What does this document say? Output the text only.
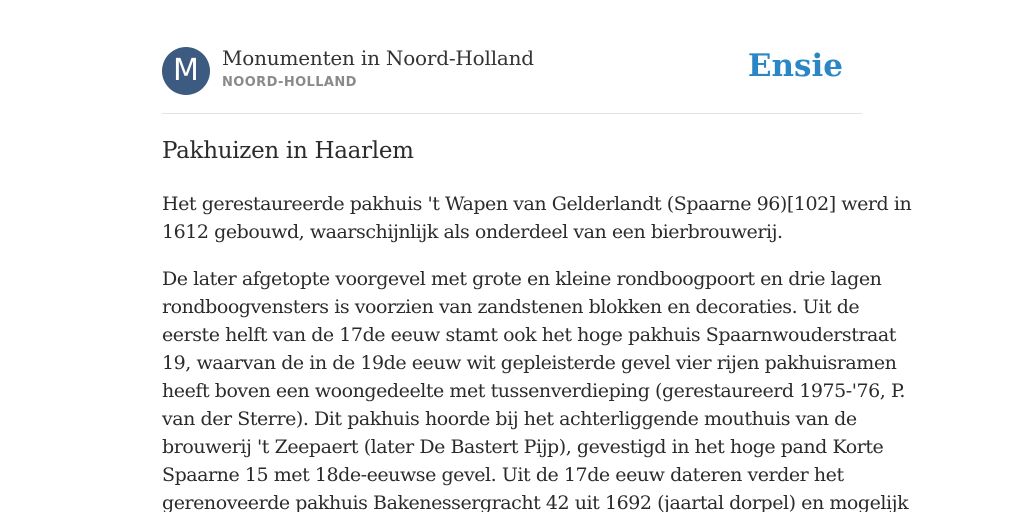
M	Monumenten in Noord-Holland
NOORD-HOLLAND	Ensie
Pakhuizen in Haarlem

Het gerestaureerde pakhuis 't Wapen van Gelderlandt (Spaarne 96)[102] werd in
1612 gebouwd, waarschijnlijk als onderdeel van een bierbrouwerij.

De later afgetopte voorgevel met grote en kleine rondboogpoort en drie lagen
rondboogvensters is voorzien van zandstenen blokken en decoraties. Uit de
eerste helft van de 17de eeuw stamt ook het hoge pakhuis Spaarnwouderstraat
19, waarvan de in de 19de eeuw wit gepleisterde gevel vier rijen pakhuisramen
heeft boven een woongedeelte met tussenverdieping (gerestaureerd 1975-'76, P.
van der Sterre). Dit pakhuis hoorde bij het achterliggende mouthuis van de
brouwerij 't Zeepaert (later De Bastert Pijp), gevestigd in het hoge pand Korte
Spaarne 15 met 18de-eeuwse gevel. Uit de 17de eeuw dateren verder het
gerenoveerde pakhuis Bakenessergracht 42 uit 1692 (jaartal dorpel) en mogelijk
